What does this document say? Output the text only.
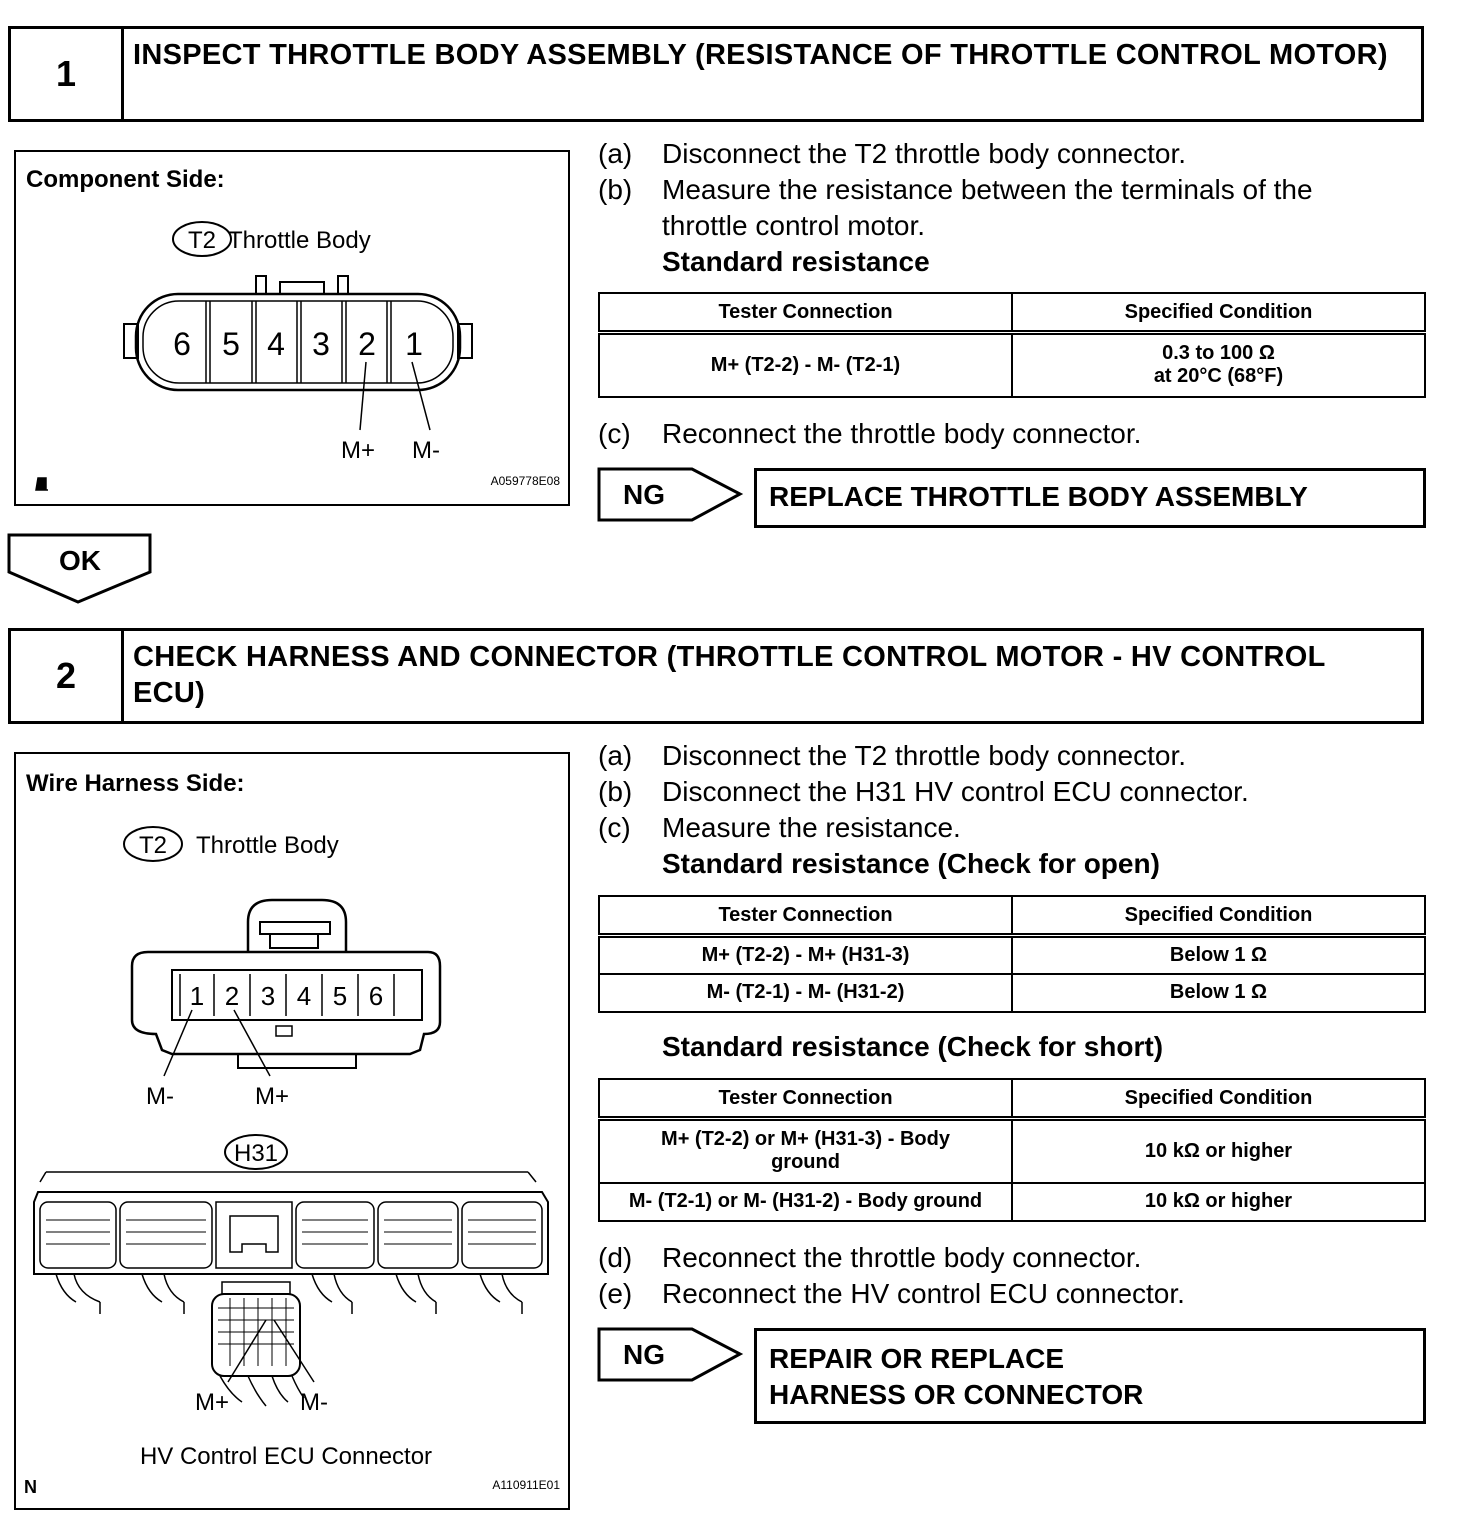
1	INSPECT THROTTLE BODY ASSEMBLY (RESISTANCE OF THROTTLE CONTROL MOTOR)
Component Side:
T2 Throttle Body
6 5 4 3 2 1
M+ M-
A059778E08
(a)	Disconnect the T2 throttle body connector.
(b)	Measure the resistance between the terminals of the throttle control motor.
Standard resistance
Tester Connection	Specified Condition
M+ (T2-2) - M- (T2-1)	0.3 to 100 Ω
at 20°C (68°F)
(c)	Reconnect the throttle body connector.
NG	REPLACE THROTTLE BODY ASSEMBLY
OK
2	CHECK HARNESS AND CONNECTOR (THROTTLE CONTROL MOTOR - HV CONTROL ECU)
Wire Harness Side:
T2 Throttle Body
1 2 3 4 5 6
M-	M+
H31
M+	M-
HV Control ECU Connector
N	A110911E01
(a)	Disconnect the T2 throttle body connector.
(b)	Disconnect the H31 HV control ECU connector.
(c)	Measure the resistance.
Standard resistance (Check for open)
Tester Connection	Specified Condition
M+ (T2-2) - M+ (H31-3)	Below 1 Ω
M- (T2-1) - M- (H31-2)	Below 1 Ω
Standard resistance (Check for short)
Tester Connection	Specified Condition

M+ (T2-2) or M+ (H31-3) - Body
ground	10 kΩ or higher
M- (T2-1) or M- (H31-2) - Body ground	10 kΩ or higher
(d)	Reconnect the throttle body connector.
(e)	Reconnect the HV control ECU connector.
NG	REPAIR OR REPLACE HARNESS OR CONNECTOR
